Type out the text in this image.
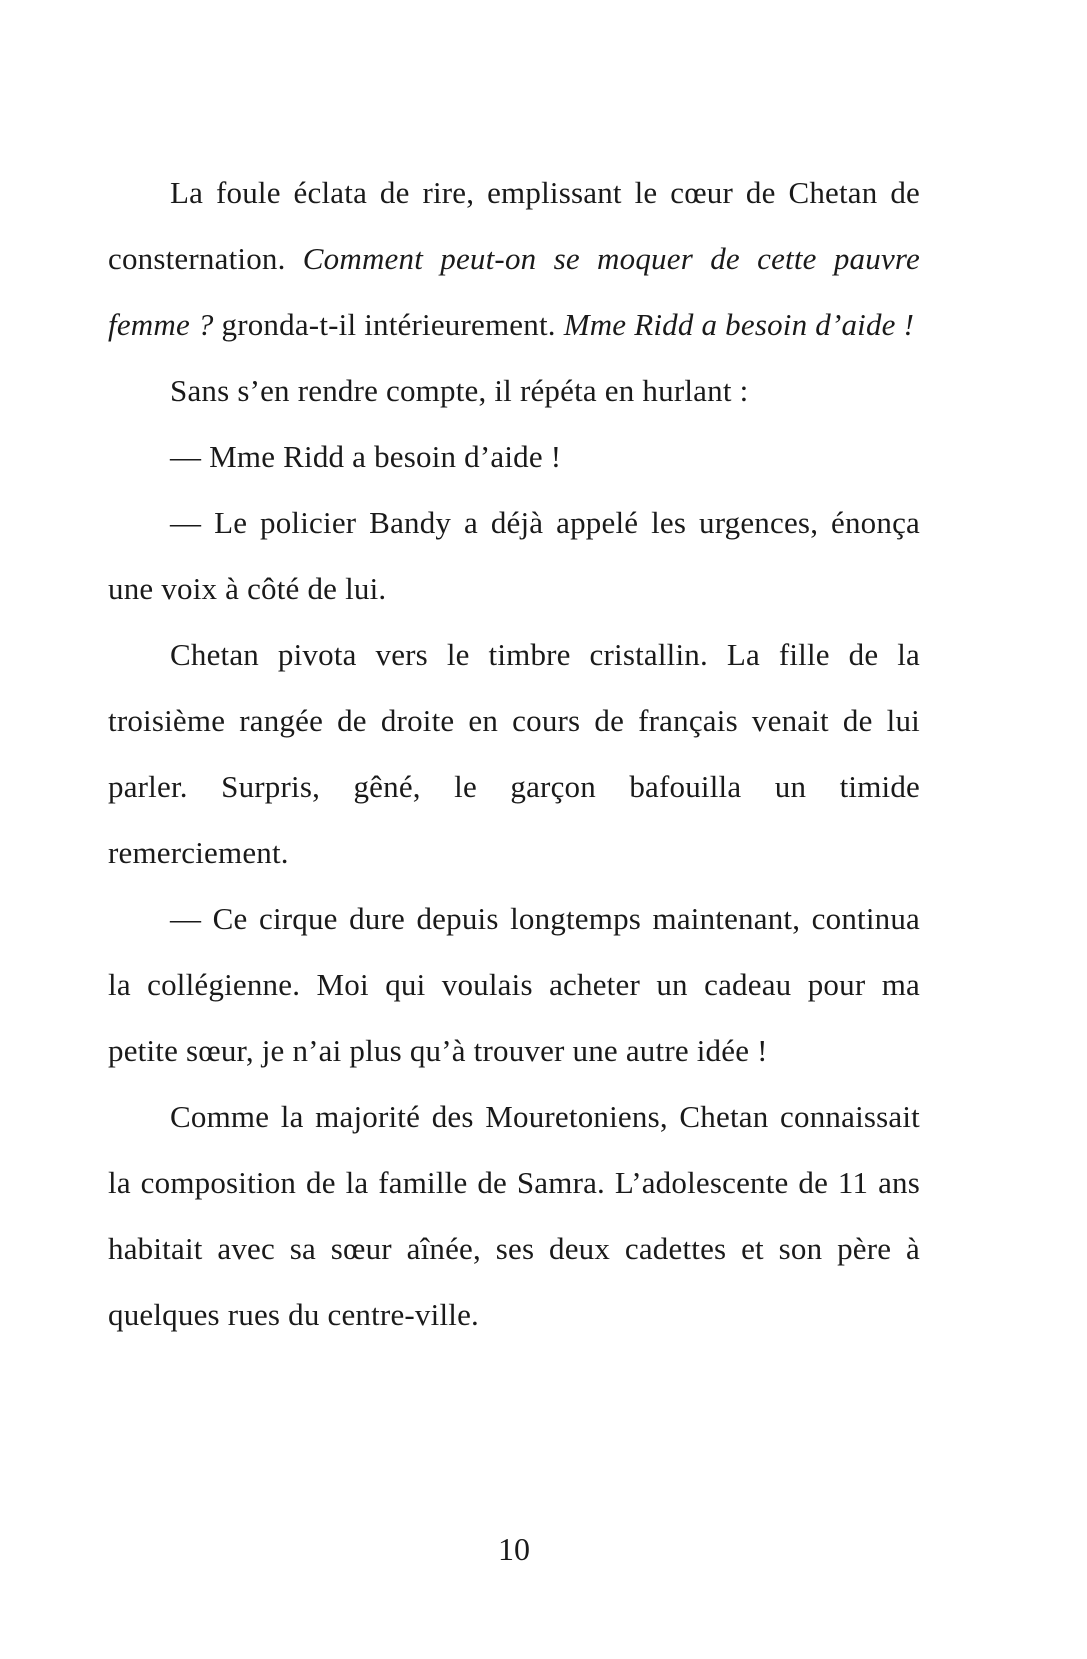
La foule éclata de rire, emplissant le cœur de Chetan de consternation. Comment peut-on se moquer de cette pauvre femme ? gronda-t-il intérieurement. Mme Ridd a besoin d’aide !

Sans s’en rendre compte, il répéta en hurlant :

— Mme Ridd a besoin d’aide !

— Le policier Bandy a déjà appelé les urgences, énonça une voix à côté de lui.

Chetan pivota vers le timbre cristallin. La fille de la troisième rangée de droite en cours de français venait de lui parler. Surpris, gêné, le garçon bafouilla un timide remerciement.

— Ce cirque dure depuis longtemps maintenant, continua la collégienne. Moi qui voulais acheter un cadeau pour ma petite sœur, je n’ai plus qu’à trouver une autre idée !

Comme la majorité des Mouretoniens, Chetan connaissait la composition de la famille de Samra. L’adolescente de 11 ans habitait avec sa sœur aînée, ses deux cadettes et son père à quelques rues du centre-ville.

10
